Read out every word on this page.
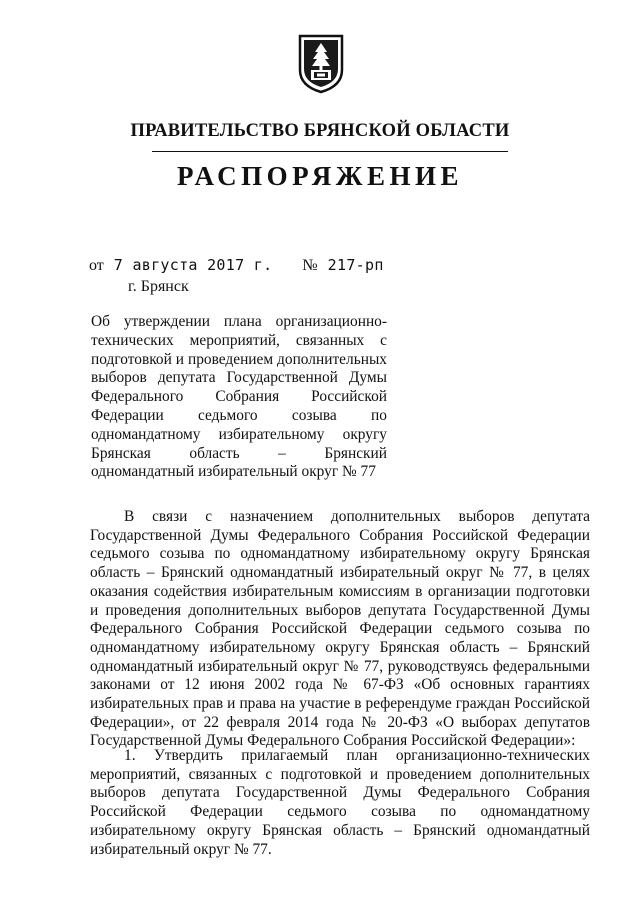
ПРАВИТЕЛЬСТВО БРЯНСКОЙ ОБЛАСТИ
РАСПОРЯЖЕНИЕ
от 7 августа 2017 г. № 217-рп
г. Брянск
Об утверждении плана организационно-технических мероприятий, связанных с подготовкой и проведением дополнительных выборов депутата Государственной Думы Федерального Собрания Российской Федерации седьмого созыва по одномандатному избирательному округу Брянская область – Брянский одномандатный избирательный округ № 77
В связи с назначением дополнительных выборов депутата Государственной Думы Федерального Собрания Российской Федерации седьмого созыва по одномандатному избирательному округу Брянская область – Брянский одномандатный избирательный округ № 77, в целях оказания содействия избирательным комиссиям в организации подготовки и проведения дополнительных выборов депутата Государственной Думы Федерального Собрания Российской Федерации седьмого созыва по одномандатному избирательному округу Брянская область – Брянский одномандатный избирательный округ № 77, руководствуясь федеральными законами от 12 июня 2002 года № 67-ФЗ «Об основных гарантиях избирательных прав и права на участие в референдуме граждан Российской Федерации», от 22 февраля 2014 года № 20-ФЗ «О выборах депутатов Государственной Думы Федерального Собрания Российской Федерации»:
1. Утвердить прилагаемый план организационно-технических мероприятий, связанных с подготовкой и проведением дополнительных выборов депутата Государственной Думы Федерального Собрания Российской Федерации седьмого созыва по одномандатному избирательному округу Брянская область – Брянский одномандатный избирательный округ № 77.
